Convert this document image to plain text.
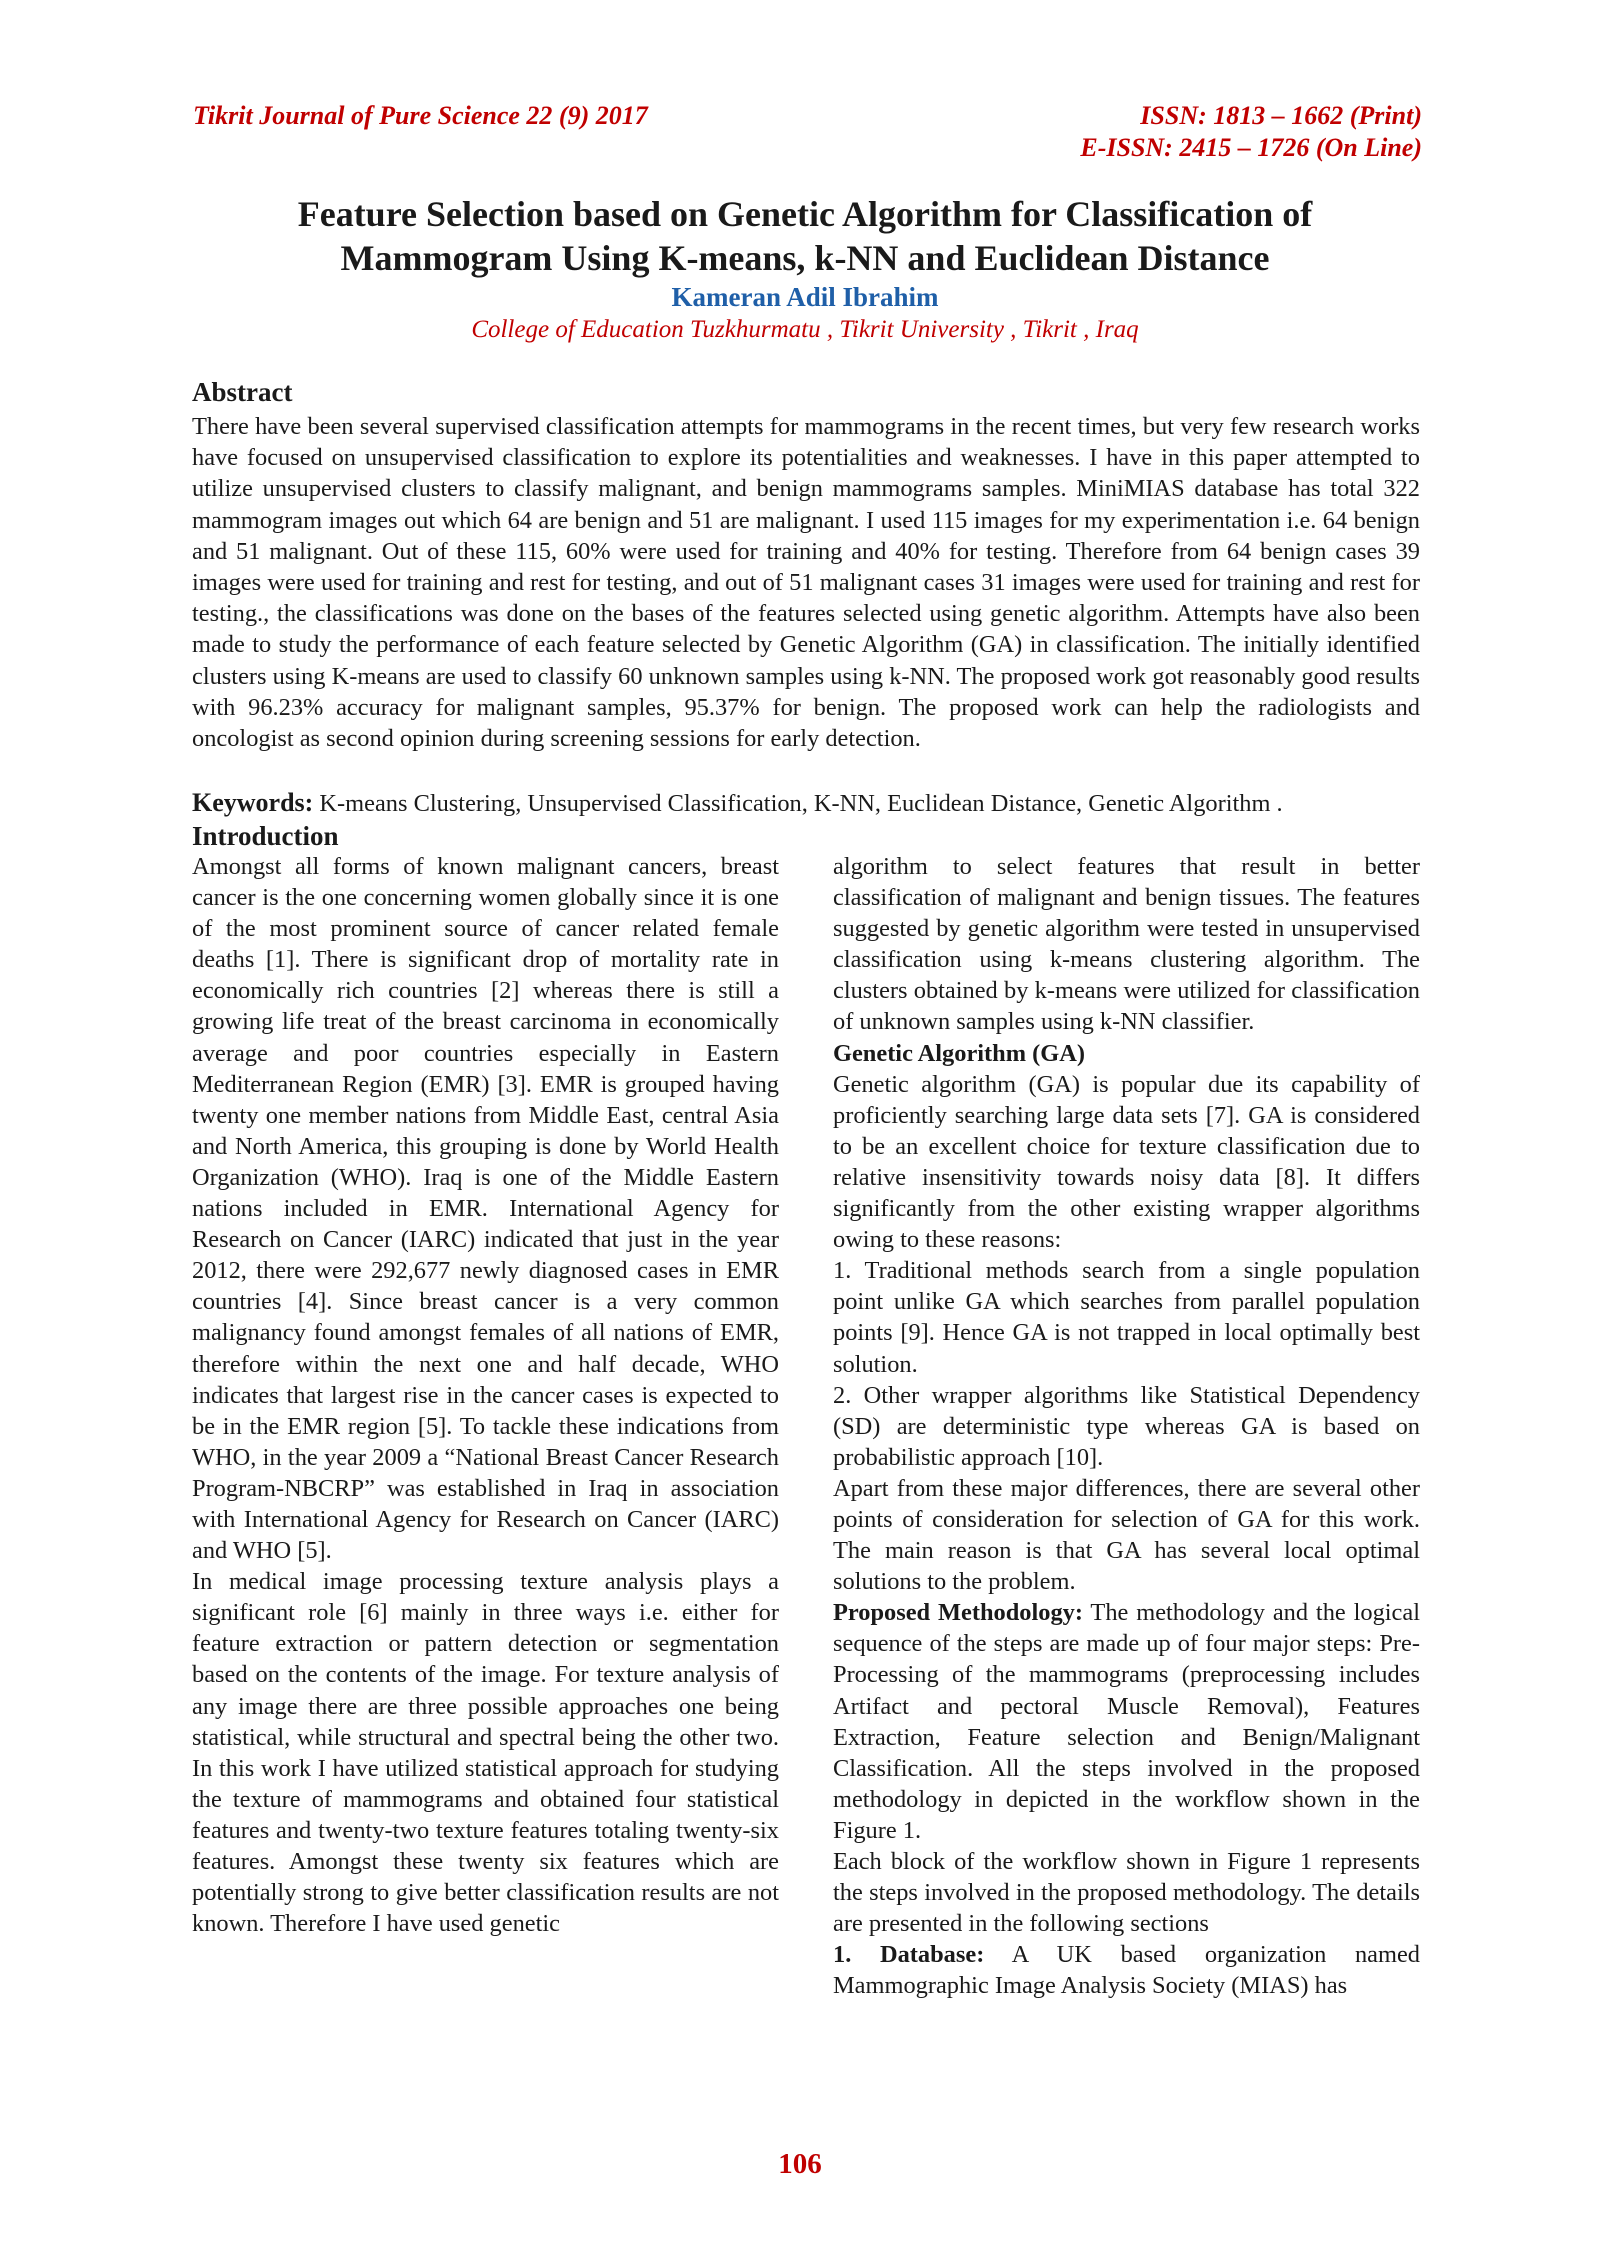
Tikrit Journal of Pure Science 22 (9) 2017	ISSN: 1813 – 1662 (Print)
E-ISSN: 2415 – 1726 (On Line)
Feature Selection based on Genetic Algorithm for Classification of
Mammogram Using K-means, k-NN and Euclidean Distance
Kameran Adil Ibrahim
College of Education Tuzkhurmatu , Tikrit University , Tikrit , Iraq
Abstract

There have been several supervised classification attempts for mammograms in the recent times, but very few research works have focused on unsupervised classification to explore its potentialities and weaknesses. I have in this paper attempted to utilize unsupervised clusters to classify malignant, and benign mammograms samples. MiniMIAS database has total 322 mammogram images out which 64 are benign and 51 are malignant. I used 115 images for my experimentation i.e. 64 benign and 51 malignant. Out of these 115, 60% were used for training and 40% for testing. Therefore from 64 benign cases 39 images were used for training and rest for testing, and out of 51 malignant cases 31 images were used for training and rest for testing., the classifications was done on the bases of the features selected using genetic algorithm. Attempts have also been made to study the performance of each feature selected by Genetic Algorithm (GA) in classification. The initially identified clusters using K-means are used to classify 60 unknown samples using k-NN. The proposed work got reasonably good results with 96.23% accuracy for malignant samples, 95.37% for benign. The proposed work can help the radiologists and oncologist as second opinion during screening sessions for early detection.

Keywords: K-means Clustering, Unsupervised Classification, K-NN, Euclidean Distance, Genetic Algorithm .
Introduction

Amongst all forms of known malignant cancers, breast cancer is the one concerning women globally since it is one of the most prominent source of cancer related female deaths [1]. There is significant drop of mortality rate in economically rich countries [2] whereas there is still a growing life treat of the breast carcinoma in economically average and poor countries especially in Eastern Mediterranean Region (EMR) [3]. EMR is grouped having twenty one member nations from Middle East, central Asia and North America, this grouping is done by World Health Organization (WHO). Iraq is one of the Middle Eastern nations included in EMR. International Agency for Research on Cancer (IARC) indicated that just in the year 2012, there were 292,677 newly diagnosed cases in EMR countries [4]. Since breast cancer is a very common malignancy found amongst females of all nations of EMR, therefore within the next one and half decade, WHO indicates that largest rise in the cancer cases is expected to be in the EMR region [5]. To tackle these indications from WHO, in the year 2009 a “National Breast Cancer Research Program-NBCRP” was established in Iraq in association with International Agency for Research on Cancer (IARC) and WHO [5].

In medical image processing texture analysis plays a significant role [6] mainly in three ways i.e. either for feature extraction or pattern detection or segmentation based on the contents of the image. For texture analysis of any image there are three possible approaches one being statistical, while structural and spectral being the other two. In this work I have utilized statistical approach for studying the texture of mammograms and obtained four statistical features and twenty-two texture features totaling twenty-six features. Amongst these twenty six features which are potentially strong to give better classification results are not known. Therefore I have used genetic

algorithm to select features that result in better classification of malignant and benign tissues. The features suggested by genetic algorithm were tested in unsupervised classification using k-means clustering algorithm. The clusters obtained by k-means were utilized for classification of unknown samples using k-NN classifier.

Genetic Algorithm (GA)

Genetic algorithm (GA) is popular due its capability of proficiently searching large data sets [7]. GA is considered to be an excellent choice for texture classification due to relative insensitivity towards noisy data [8]. It differs significantly from the other existing wrapper algorithms owing to these reasons:

1. Traditional methods search from a single population point unlike GA which searches from parallel population points [9]. Hence GA is not trapped in local optimally best solution.

2. Other wrapper algorithms like Statistical Dependency (SD) are deterministic type whereas GA is based on probabilistic approach [10].

Apart from these major differences, there are several other points of consideration for selection of GA for this work. The main reason is that GA has several local optimal solutions to the problem.

Proposed Methodology: The methodology and the logical sequence of the steps are made up of four major steps: Pre-Processing of the mammograms (preprocessing includes Artifact and pectoral Muscle Removal), Features Extraction, Feature selection and Benign/Malignant Classification. All the steps involved in the proposed methodology in depicted in the workflow shown in the Figure 1.

Each block of the workflow shown in Figure 1 represents the steps involved in the proposed methodology. The details are presented in the following sections

1. Database: A UK based organization named Mammographic Image Analysis Society (MIAS) has

106
